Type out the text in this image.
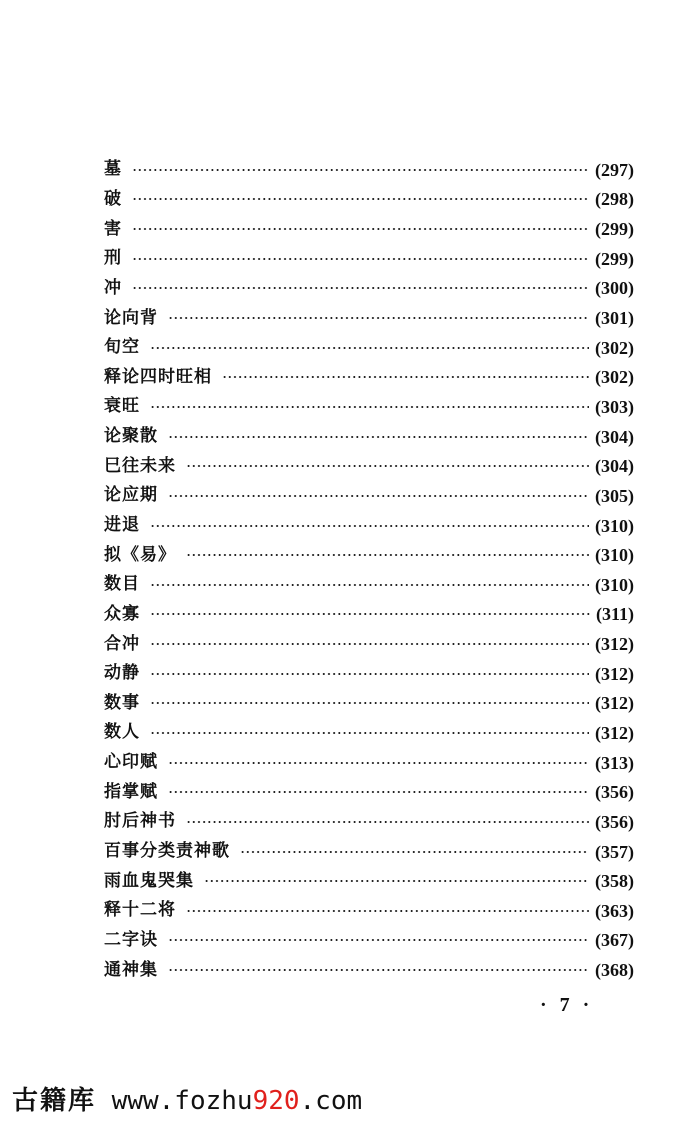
墓	(297)
破	(298)
害	(299)
刑	(299)
冲	(300)
论向背	(301)
旬空	(302)
释论四时旺相	(302)
衰旺	(303)
论聚散	(304)
巳往未来	(304)
论应期	(305)
进退	(310)
拟《易》	(310)
数目	(310)
众寡	(311)
合冲	(312)
动静	(312)
数事	(312)
数人	(312)
心印赋	(313)
指掌赋	(356)
肘后神书	(356)
百事分类责神歌	(357)
雨血鬼哭集	(358)
释十二将	(363)
二字诀	(367)
通神集	(368)
· 7 ·
古籍库 www.fozhu920.com
